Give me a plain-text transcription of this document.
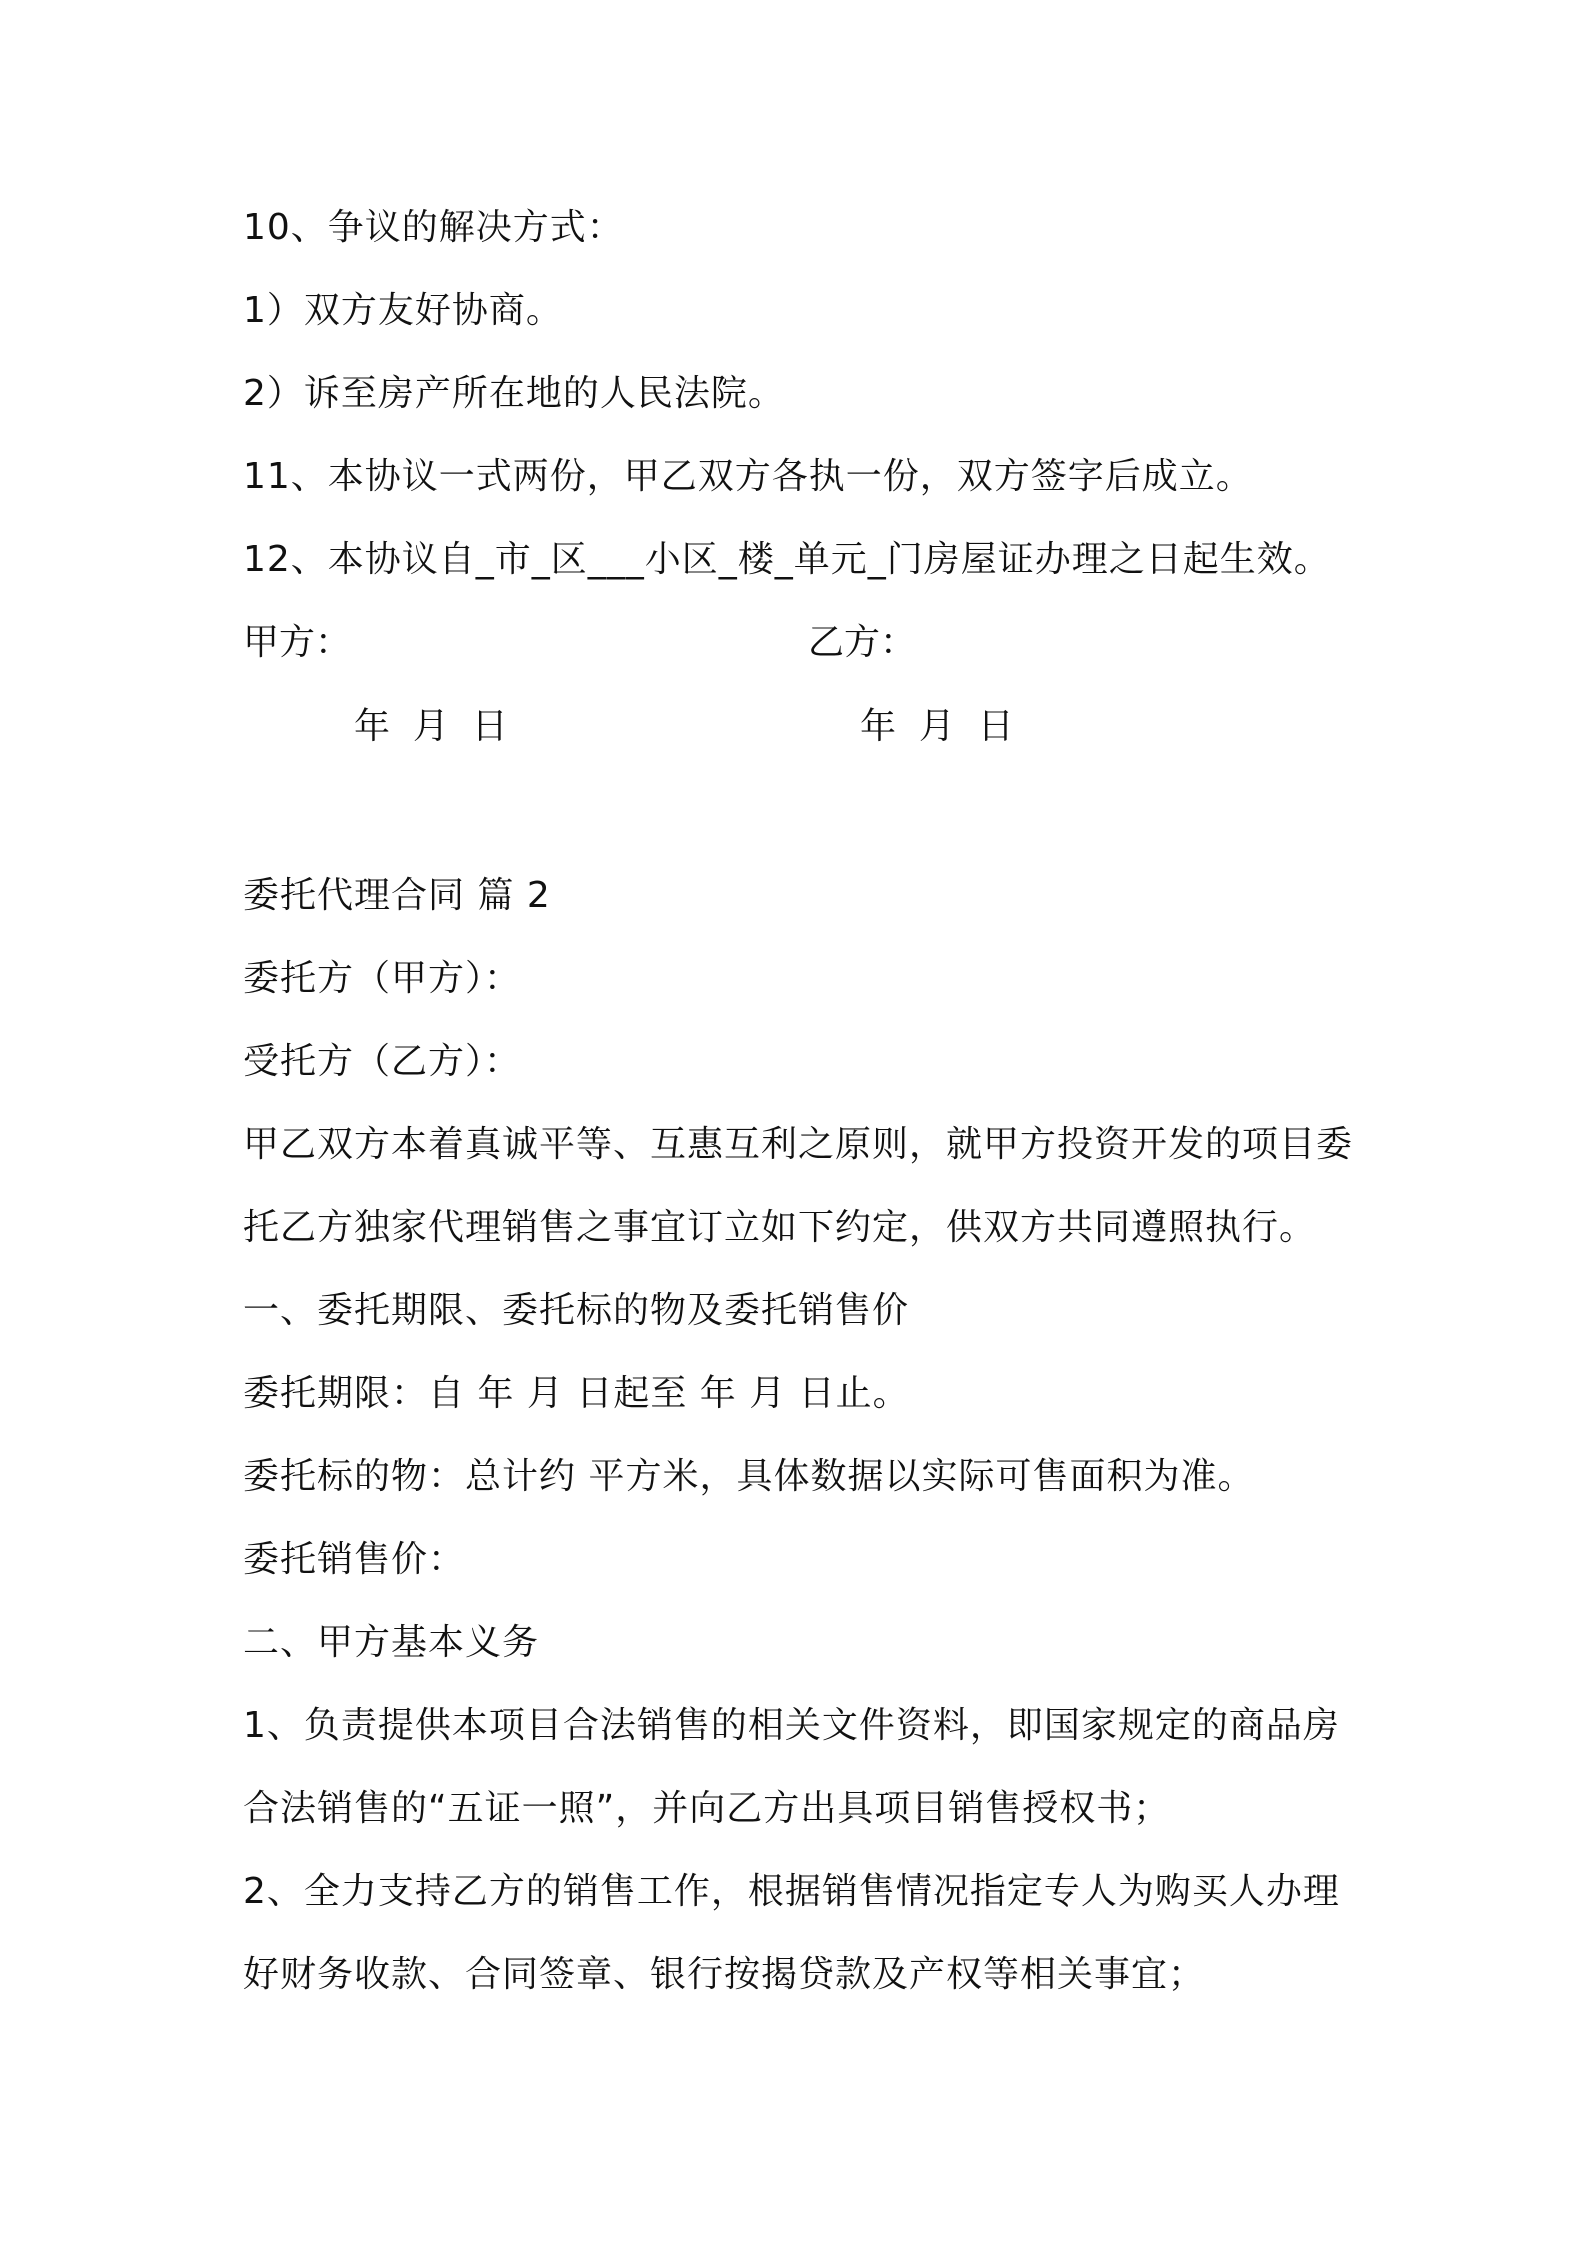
10、争议的解决方式：
1）双方友好协商。
2）诉至房产所在地的人民法院。
11、本协议一式两份，甲乙双方各执一份，双方签字后成立。
12、本协议自_市_区___小区_楼_单元_门房屋证办理之日起生效。
甲方：	乙方：
年  月  日	年  月  日
委托代理合同 篇 2
委托方（甲方）：
受托方（乙方）：
甲乙双方本着真诚平等、互惠互利之原则，就甲方投资开发的项目委
托乙方独家代理销售之事宜订立如下约定，供双方共同遵照执行。
一、委托期限、委托标的物及委托销售价
委托期限：自 年 月 日起至 年 月 日止。
委托标的物：总计约 平方米，具体数据以实际可售面积为准。
委托销售价：
二、甲方基本义务
1、负责提供本项目合法销售的相关文件资料，即国家规定的商品房
合法销售的“五证一照”，并向乙方出具项目销售授权书；
2、全力支持乙方的销售工作，根据销售情况指定专人为购买人办理
好财务收款、合同签章、银行按揭贷款及产权等相关事宜；
